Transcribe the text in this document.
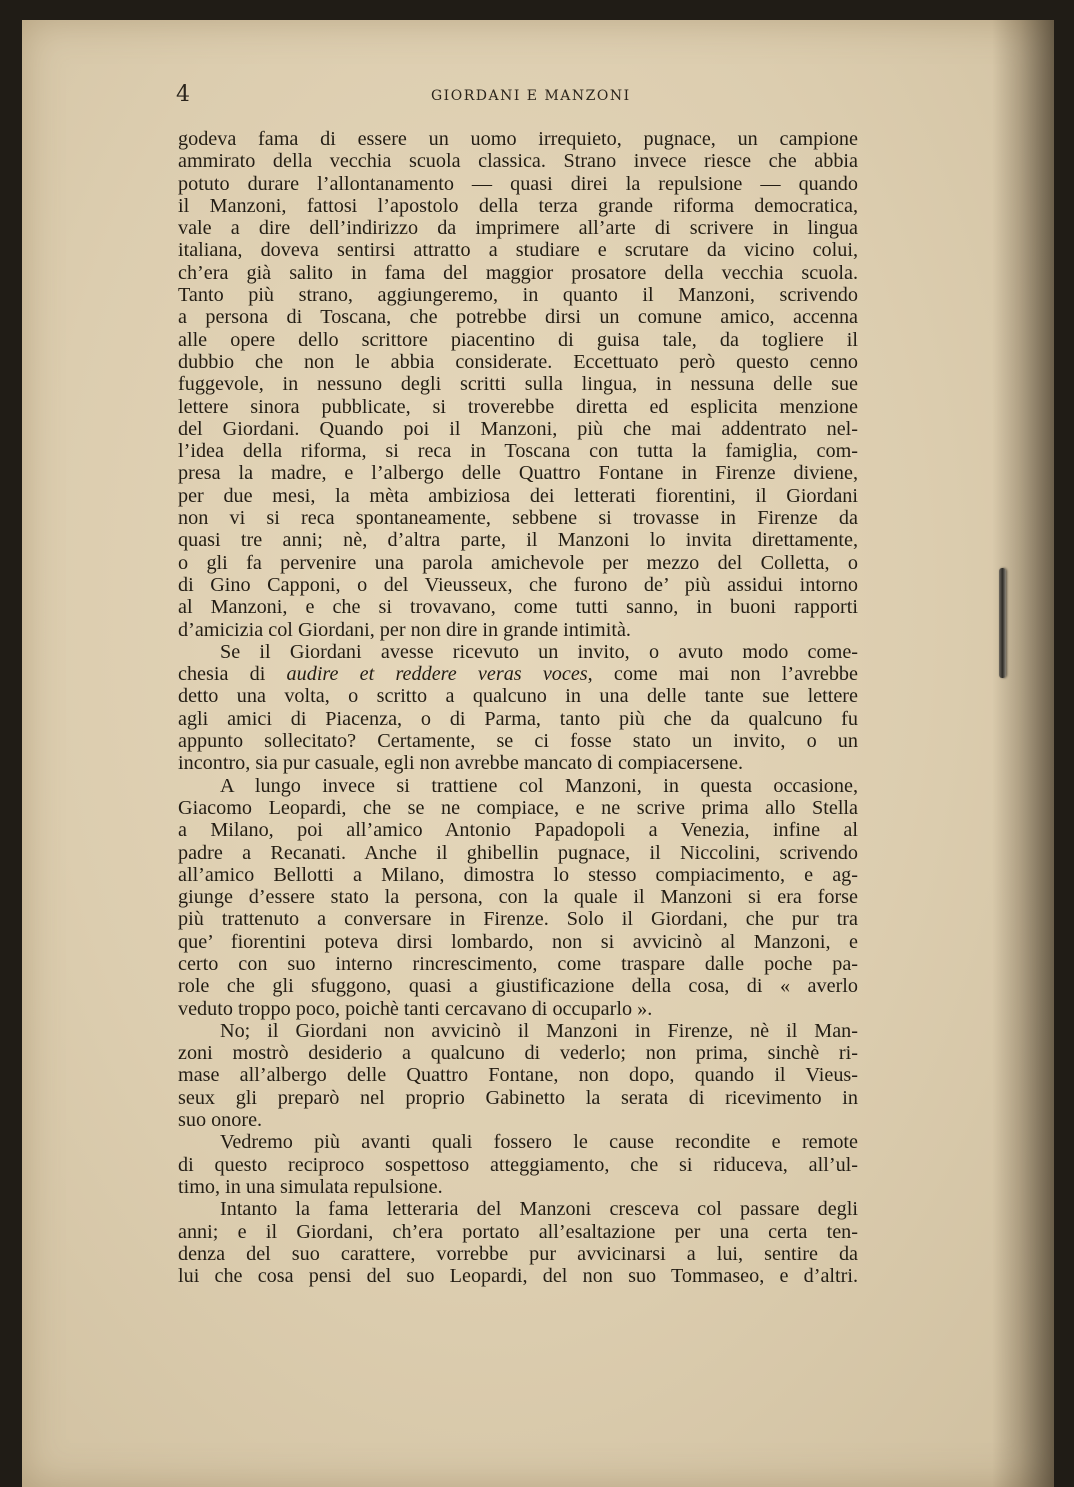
4	GIORDANI E MANZONI
godeva fama di essere un uomo irrequieto, pugnace, un campione
ammirato della vecchia scuola classica. Strano invece riesce che abbia
potuto durare l’allontanamento — quasi direi la repulsione — quando
il Manzoni, fattosi l’apostolo della terza grande riforma democratica,
vale a dire dell’indirizzo da imprimere all’arte di scrivere in lingua
italiana, doveva sentirsi attratto a studiare e scrutare da vicino colui,
ch’era già salito in fama del maggior prosatore della vecchia scuola.
Tanto più strano, aggiungeremo, in quanto il Manzoni, scrivendo
a persona di Toscana, che potrebbe dirsi un comune amico, accenna
alle opere dello scrittore piacentino di guisa tale, da togliere il
dubbio che non le abbia considerate. Eccettuato però questo cenno
fuggevole, in nessuno degli scritti sulla lingua, in nessuna delle sue
lettere sinora pubblicate, si troverebbe diretta ed esplicita menzione
del Giordani. Quando poi il Manzoni, più che mai addentrato nel-
l’idea della riforma, si reca in Toscana con tutta la famiglia, com-
presa la madre, e l’albergo delle Quattro Fontane in Firenze diviene,
per due mesi, la mèta ambiziosa dei letterati fiorentini, il Giordani
non vi si reca spontaneamente, sebbene si trovasse in Firenze da
quasi tre anni; nè, d’altra parte, il Manzoni lo invita direttamente,
o gli fa pervenire una parola amichevole per mezzo del Colletta, o
di Gino Capponi, o del Vieusseux, che furono de’ più assidui intorno
al Manzoni, e che si trovavano, come tutti sanno, in buoni rapporti
d’amicizia col Giordani, per non dire in grande intimità.
Se il Giordani avesse ricevuto un invito, o avuto modo come-
chesia di audire et reddere veras voces, come mai non l’avrebbe
detto una volta, o scritto a qualcuno in una delle tante sue lettere
agli amici di Piacenza, o di Parma, tanto più che da qualcuno fu
appunto sollecitato? Certamente, se ci fosse stato un invito, o un
incontro, sia pur casuale, egli non avrebbe mancato di compiacersene.
A lungo invece si trattiene col Manzoni, in questa occasione,
Giacomo Leopardi, che se ne compiace, e ne scrive prima allo Stella
a Milano, poi all’amico Antonio Papadopoli a Venezia, infine al
padre a Recanati. Anche il ghibellin pugnace, il Niccolini, scrivendo
all’amico Bellotti a Milano, dimostra lo stesso compiacimento, e ag-
giunge d’essere stato la persona, con la quale il Manzoni si era forse
più trattenuto a conversare in Firenze. Solo il Giordani, che pur tra
que’ fiorentini poteva dirsi lombardo, non si avvicinò al Manzoni, e
certo con suo interno rincrescimento, come traspare dalle poche pa-
role che gli sfuggono, quasi a giustificazione della cosa, di « averlo
veduto troppo poco, poichè tanti cercavano di occuparlo ».
No; il Giordani non avvicinò il Manzoni in Firenze, nè il Man-
zoni mostrò desiderio a qualcuno di vederlo; non prima, sinchè ri-
mase all’albergo delle Quattro Fontane, non dopo, quando il Vieus-
seux gli preparò nel proprio Gabinetto la serata di ricevimento in
suo onore.
Vedremo più avanti quali fossero le cause recondite e remote
di questo reciproco sospettoso atteggiamento, che si riduceva, all’ul-
timo, in una simulata repulsione.
Intanto la fama letteraria del Manzoni cresceva col passare degli
anni; e il Giordani, ch’era portato all’esaltazione per una certa ten-
denza del suo carattere, vorrebbe pur avvicinarsi a lui, sentire da
lui che cosa pensi del suo Leopardi, del non suo Tommaseo, e d’altri.
